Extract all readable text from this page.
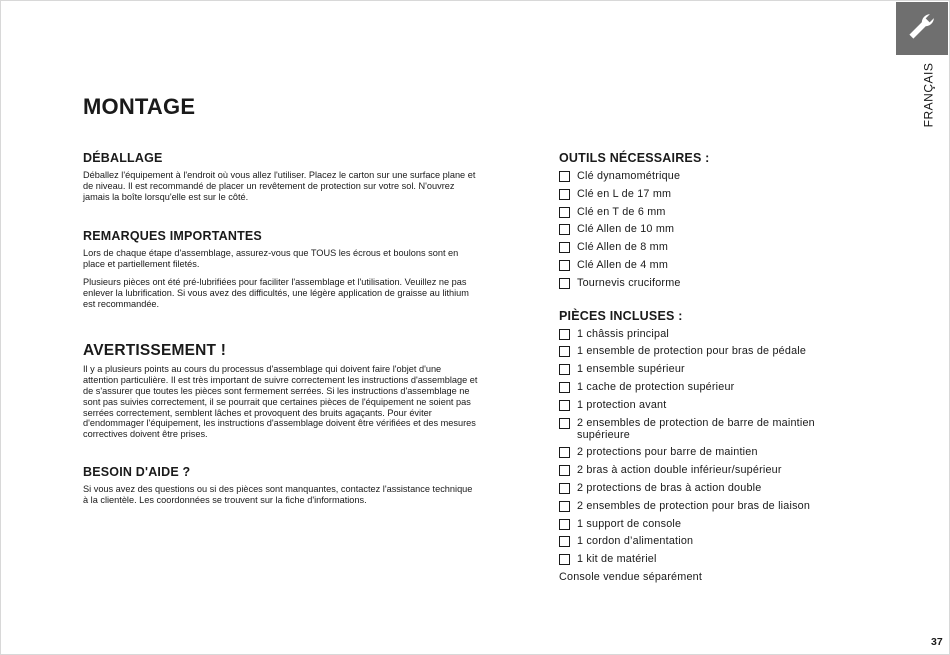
FRANÇAIS
MONTAGE
DÉBALLAGE

Déballez l'équipement à l'endroit où vous allez l'utiliser. Placez le carton sur une surface plane et de niveau. Il est recommandé de placer un revêtement de protection sur votre sol. N'ouvrez jamais la boîte lorsqu'elle est sur le côté.

REMARQUES IMPORTANTES

Lors de chaque étape d'assemblage, assurez-vous que TOUS les écrous et boulons sont en place et partiellement filetés.

Plusieurs pièces ont été pré-lubrifiées pour faciliter l'assemblage et l'utilisation. Veuillez ne pas enlever la lubrification. Si vous avez des difficultés, une légère application de graisse au lithium est recommandée.

AVERTISSEMENT !

Il y a plusieurs points au cours du processus d'assemblage qui doivent faire l'objet d'une attention particulière. Il est très important de suivre correctement les instructions d'assemblage et de s'assurer que toutes les pièces sont fermement serrées. Si les instructions d'assemblage ne sont pas suivies correctement, il se pourrait que certaines pièces de l'équipement ne soient pas serrées correctement, semblent lâches et provoquent des bruits agaçants. Pour éviter d'endommager l'équipement, les instructions d'assemblage doivent être vérifiées et des mesures correctives doivent être prises.

BESOIN D'AIDE ?

Si vous avez des questions ou si des pièces sont manquantes, contactez l'assistance technique à la clientèle. Les coordonnées se trouvent sur la fiche d'informations.

OUTILS NÉCESSAIRES :
Clé dynamométrique
Clé en L de 17 mm
Clé en T de 6 mm
Clé Allen de 10 mm
Clé Allen de 8 mm
Clé Allen de 4 mm
Tournevis cruciforme
PIÈCES INCLUSES :
1 châssis principal
1 ensemble de protection pour bras de pédale
1 ensemble supérieur
1 cache de protection supérieur
1 protection avant
2 ensembles de protection de barre de maintien supérieure
2 protections pour barre de maintien
2 bras à action double inférieur/supérieur
2 protections de bras à action double
2 ensembles de protection pour bras de liaison
1 support de console
1 cordon d’alimentation
1 kit de matériel

Console vendue séparément

37
